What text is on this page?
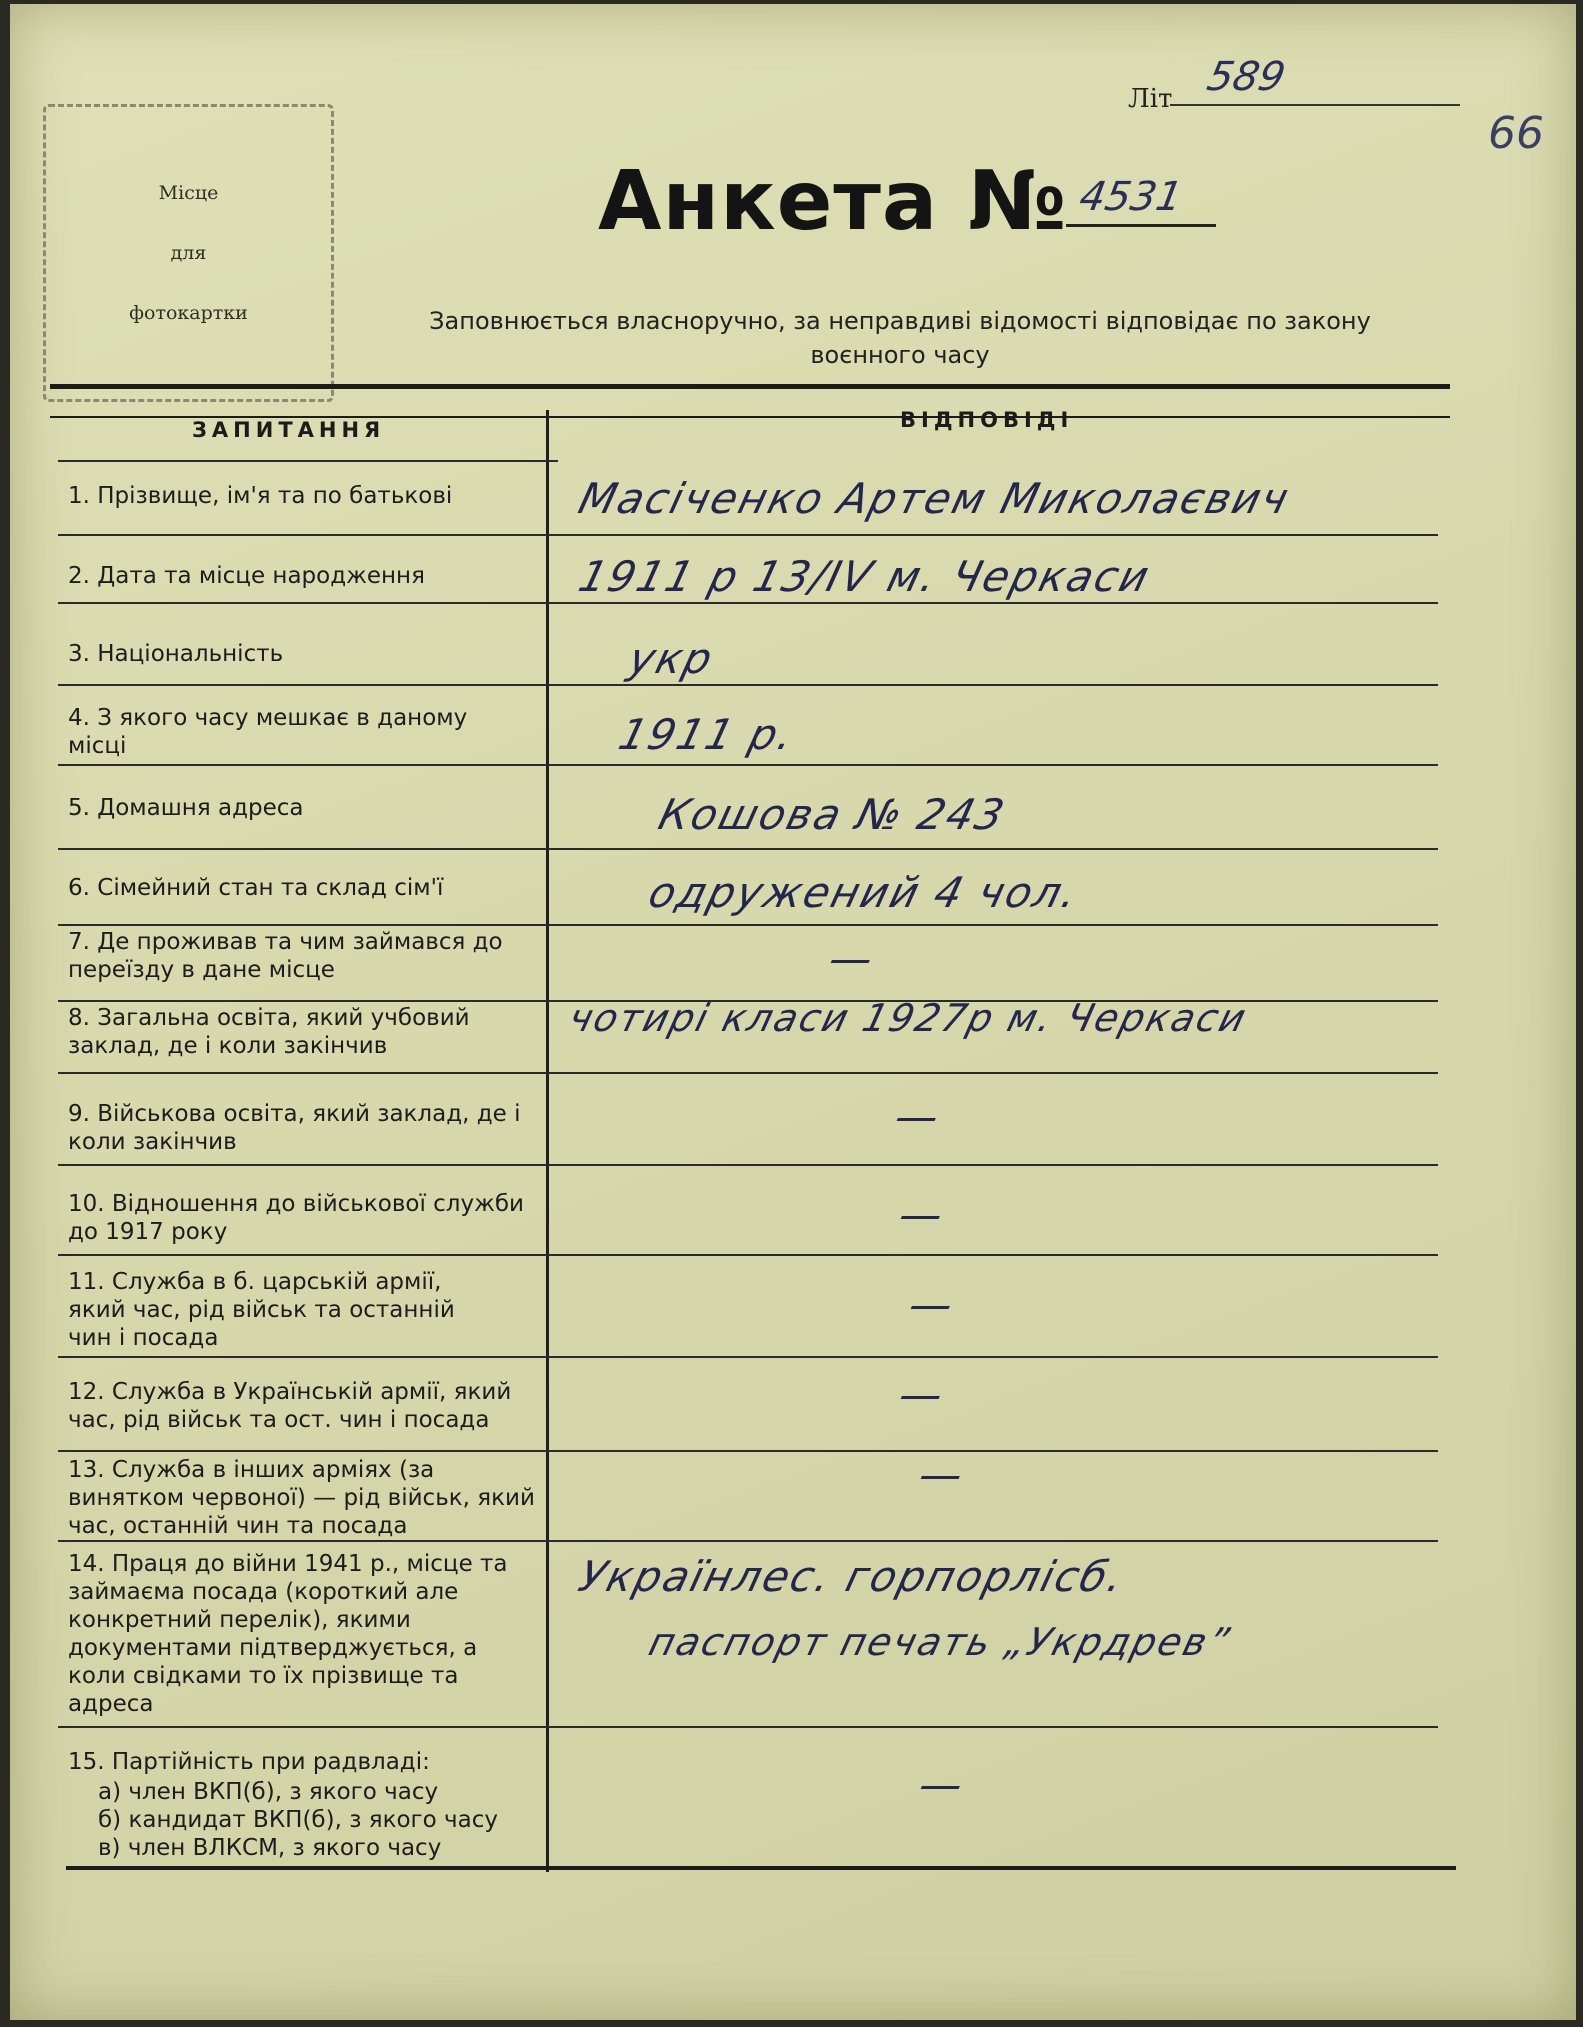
Місце
для
фотокартки
Літ 589
66
Анкета № 4531
Заповнюється власноручно, за неправдиві відомості відповідає по закону воєнного часу
ЗАПИТАННЯ	ВІДПОВІДІ
1. Прізвище, ім'я та по батькові
2. Дата та місце народження
3. Національність
4. З якого часу мешкає в даному місці
5. Домашня адреса
6. Сімейний стан та склад сім'ї
7. Де проживав та чим займався до переїзду в дане місце
8. Загальна освіта, який учбовий заклад, де і коли закінчив
9. Військова освіта, який заклад, де і коли закінчив
10. Відношення до військової служби до 1917 року
11. Служба в б. царській армії, який час, рід військ та останній чин і посада
12. Служба в Українській армії, який час, рід військ та ост. чин і посада
13. Служба в інших арміях (за винятком червоної) — рід військ, який час, останній чин та посада
14. Праця до війни 1941 р., місце та займаєма посада (короткий але конкретний перелік), якими документами підтверджується, а коли свідками то їх прізвище та адреса
15. Партійність при радвладі:
а) член ВКП(б), з якого часу
б) кандидат ВКП(б), з якого часу
в) член ВЛКСМ, з якого часу
Масіченко Артем Миколаєвич
1911 р 13/IV м. Черкаси
укр
1911 р.
Кошова № 243
одружений 4 чол.
—
чотирі класи 1927р м. Черкаси
—
—
—
—
—
Українлес. горпорлісб.
паспорт печать „Укрдрев”
—
